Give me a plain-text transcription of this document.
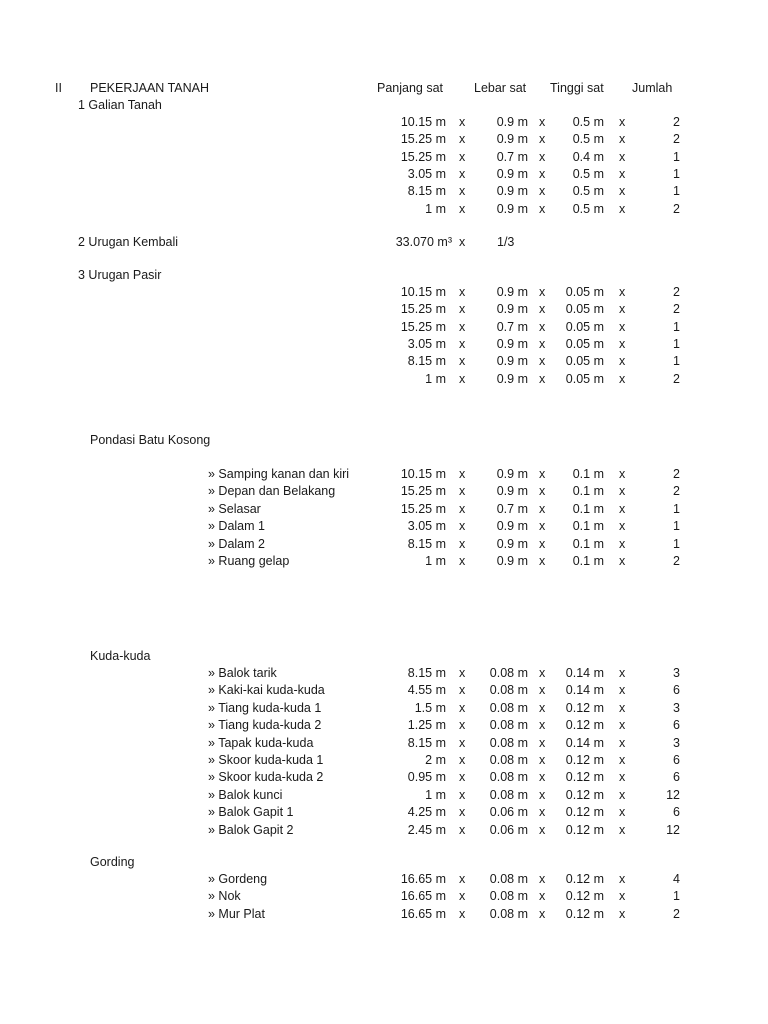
II PEKERJAAN TANAH	Panjang sat Lebar sat Tinggi sat Jumlah
1 Galian Tanah
10.15 m x	0.9 m x	0.5 m x	2
15.25 m x	0.9 m x	0.5 m x	2
15.25 m x	0.7 m x	0.4 m x	1
3.05 m x	0.9 m x	0.5 m x	1
8.15 m x	0.9 m x	0.5 m x	1
1 m x	0.9 m x	0.5 m x	2
2 Urugan Kembali	33.070 m³ x	1/3
3 Urugan Pasir
10.15 m x	0.9 m x	0.05 m x	2
15.25 m x	0.9 m x	0.05 m x	2
15.25 m x	0.7 m x	0.05 m x	1
3.05 m x	0.9 m x	0.05 m x	1
8.15 m x	0.9 m x	0.05 m x	1
1 m x	0.9 m x	0.05 m x	2
Pondasi Batu Kosong
» Samping kanan dan kiri	10.15 m x	0.9 m x	0.1 m x	2
» Depan dan Belakang	15.25 m x	0.9 m x	0.1 m x	2
» Selasar	15.25 m x	0.7 m x	0.1 m x	1
» Dalam 1	3.05 m x	0.9 m x	0.1 m x	1
» Dalam 2	8.15 m x	0.9 m x	0.1 m x	1
» Ruang gelap	1 m x	0.9 m x	0.1 m x	2
Kuda-kuda
» Balok tarik	8.15 m x	0.08 m x	0.14 m x	3
» Kaki-kai kuda-kuda	4.55 m x	0.08 m x	0.14 m x	6
» Tiang kuda-kuda 1	1.5 m x	0.08 m x	0.12 m x	3
» Tiang kuda-kuda 2	1.25 m x	0.08 m x	0.12 m x	6
» Tapak kuda-kuda	8.15 m x	0.08 m x	0.14 m x	3
» Skoor kuda-kuda 1	2 m x	0.08 m x	0.12 m x	6
» Skoor kuda-kuda 2	0.95 m x	0.08 m x	0.12 m x	6
» Balok kunci	1 m x	0.08 m x	0.12 m x	12
» Balok Gapit 1	4.25 m x	0.06 m x	0.12 m x	6
» Balok Gapit 2	2.45 m x	0.06 m x	0.12 m x	12
Gording
» Gordeng	16.65 m x	0.08 m x	0.12 m x	4
» Nok	16.65 m x	0.08 m x	0.12 m x	1
» Mur Plat	16.65 m x	0.08 m x	0.12 m x	2
